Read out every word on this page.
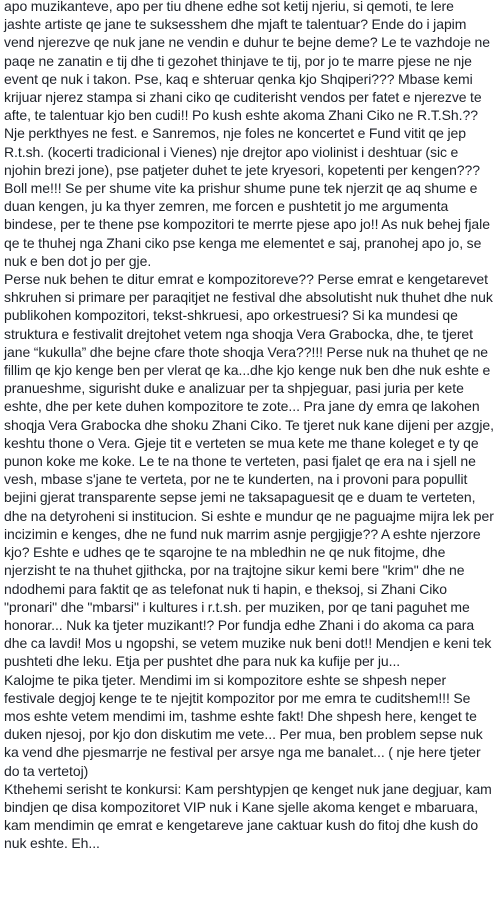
apo muzikanteve, apo per tiu dhene edhe sot ketij njeriu, si qemoti, te lere jashte artiste qe jane te suksesshem dhe mjaft te talentuar? Ende do i japim vend njerezve qe nuk jane ne vendin e duhur te bejne deme? Le te vazhdoje ne paqe ne zanatin e tij dhe ti gezohet thinjave te tij, por jo te marre pjese ne nje event qe nuk i takon. Pse, kaq e shteruar qenka kjo Shqiperi??? Mbase kemi krijuar njerez stampa si zhani ciko qe cuditerisht vendos per fatet e njerezve te afte, te talentuar kjo ben cudi!! Po kush eshte akoma Zhani Ciko ne R.T.Sh.?? Nje perkthyes ne fest. e Sanremos, nje foles ne koncertet e Fund vitit qe jep R.t.sh. (kocerti tradicional i Vienes) nje drejtor apo violinist i deshtuar (sic e njohin brezi jone), pse patjeter duhet te jete kryesori, kopetenti per kengen??? Boll me!!! Se per shume vite ka prishur shume pune tek njerzit qe aq shume e duan kengen, ju ka thyer zemren, me forcen e pushtetit jo me argumenta bindese, per te thene pse kompozitori te merrte pjese apo jo!! As nuk behej fjale qe te thuhej nga Zhani ciko pse kenga me elementet e saj, pranohej apo jo, se nuk e ben dot jo per gje.

Perse nuk behen te ditur emrat e kompozitoreve?? Perse emrat e kengetarevet shkruhen si primare per paraqitjet ne festival dhe absolutisht nuk thuhet dhe nuk publikohen kompozitori, tekst-shkruesi, apo orkestruesi? Si ka mundesi qe struktura e festivalit drejtohet vetem nga shoqja Vera Grabocka, dhe, te tjeret jane “kukulla” dhe bejne cfare thote shoqja Vera??!!! Perse nuk na thuhet qe ne fillim qe kjo kenge ben per vlerat qe ka...dhe kjo kenge nuk ben dhe nuk eshte e pranueshme, sigurisht duke e analizuar per ta shpjeguar, pasi juria per kete eshte, dhe per kete duhen kompozitore te zote... Pra jane dy emra qe lakohen shoqja Vera Grabocka dhe shoku Zhani Ciko. Te tjeret nuk kane dijeni per azgje, keshtu thone o Vera. Gjeje tit e verteten se mua kete me thane koleget e ty qe punon koke me koke. Le te na thone te verteten, pasi fjalet qe era na i sjell ne vesh, mbase s'jane te verteta, por ne te kunderten, na i provoni para popullit bejini gjerat transparente sepse jemi ne taksapaguesit qe e duam te verteten, dhe na detyroheni si institucion. Si eshte e mundur qe ne paguajme mijra lek per incizimin e kenges, dhe ne fund nuk marrim asnje pergjigje?? A eshte njerzore kjo? Eshte e udhes qe te sqarojne te na mbledhin ne qe nuk fitojme, dhe njerzisht te na thuhet gjithcka, por na trajtojne sikur kemi bere "krim" dhe ne ndodhemi para faktit qe as telefonat nuk ti hapin, e theksoj, si Zhani Ciko "pronari" dhe "mbarsi" i kultures i r.t.sh. per muziken, por qe tani paguhet me honorar... Nuk ka tjeter muzikant!? Por fundja edhe Zhani i do akoma ca para dhe ca lavdi! Mos u ngopshi, se vetem muzike nuk beni dot!! Mendjen e keni tek pushteti dhe leku. Etja per pushtet dhe para nuk ka kufije per ju...

Kalojme te pika tjeter. Mendimi im si kompozitore eshte se shpesh neper festivale degjoj kenge te te njejtit kompozitor por me emra te cuditshem!!! Se mos eshte vetem mendimi im, tashme eshte fakt! Dhe shpesh here, kenget te duken njesoj, por kjo don diskutim me vete... Per mua, ben problem sepse nuk ka vend dhe pjesmarrje ne festival per arsye nga me banalet... ( nje here tjeter do ta vertetoj)

Kthehemi serisht te konkursi: Kam pershtypjen qe kenget nuk jane degjuar, kam bindjen qe disa kompozitoret VIP nuk i Kane sjelle akoma kenget e mbaruara, kam mendimin qe emrat e kengetareve jane caktuar kush do fitoj dhe kush do nuk eshte. Eh...
